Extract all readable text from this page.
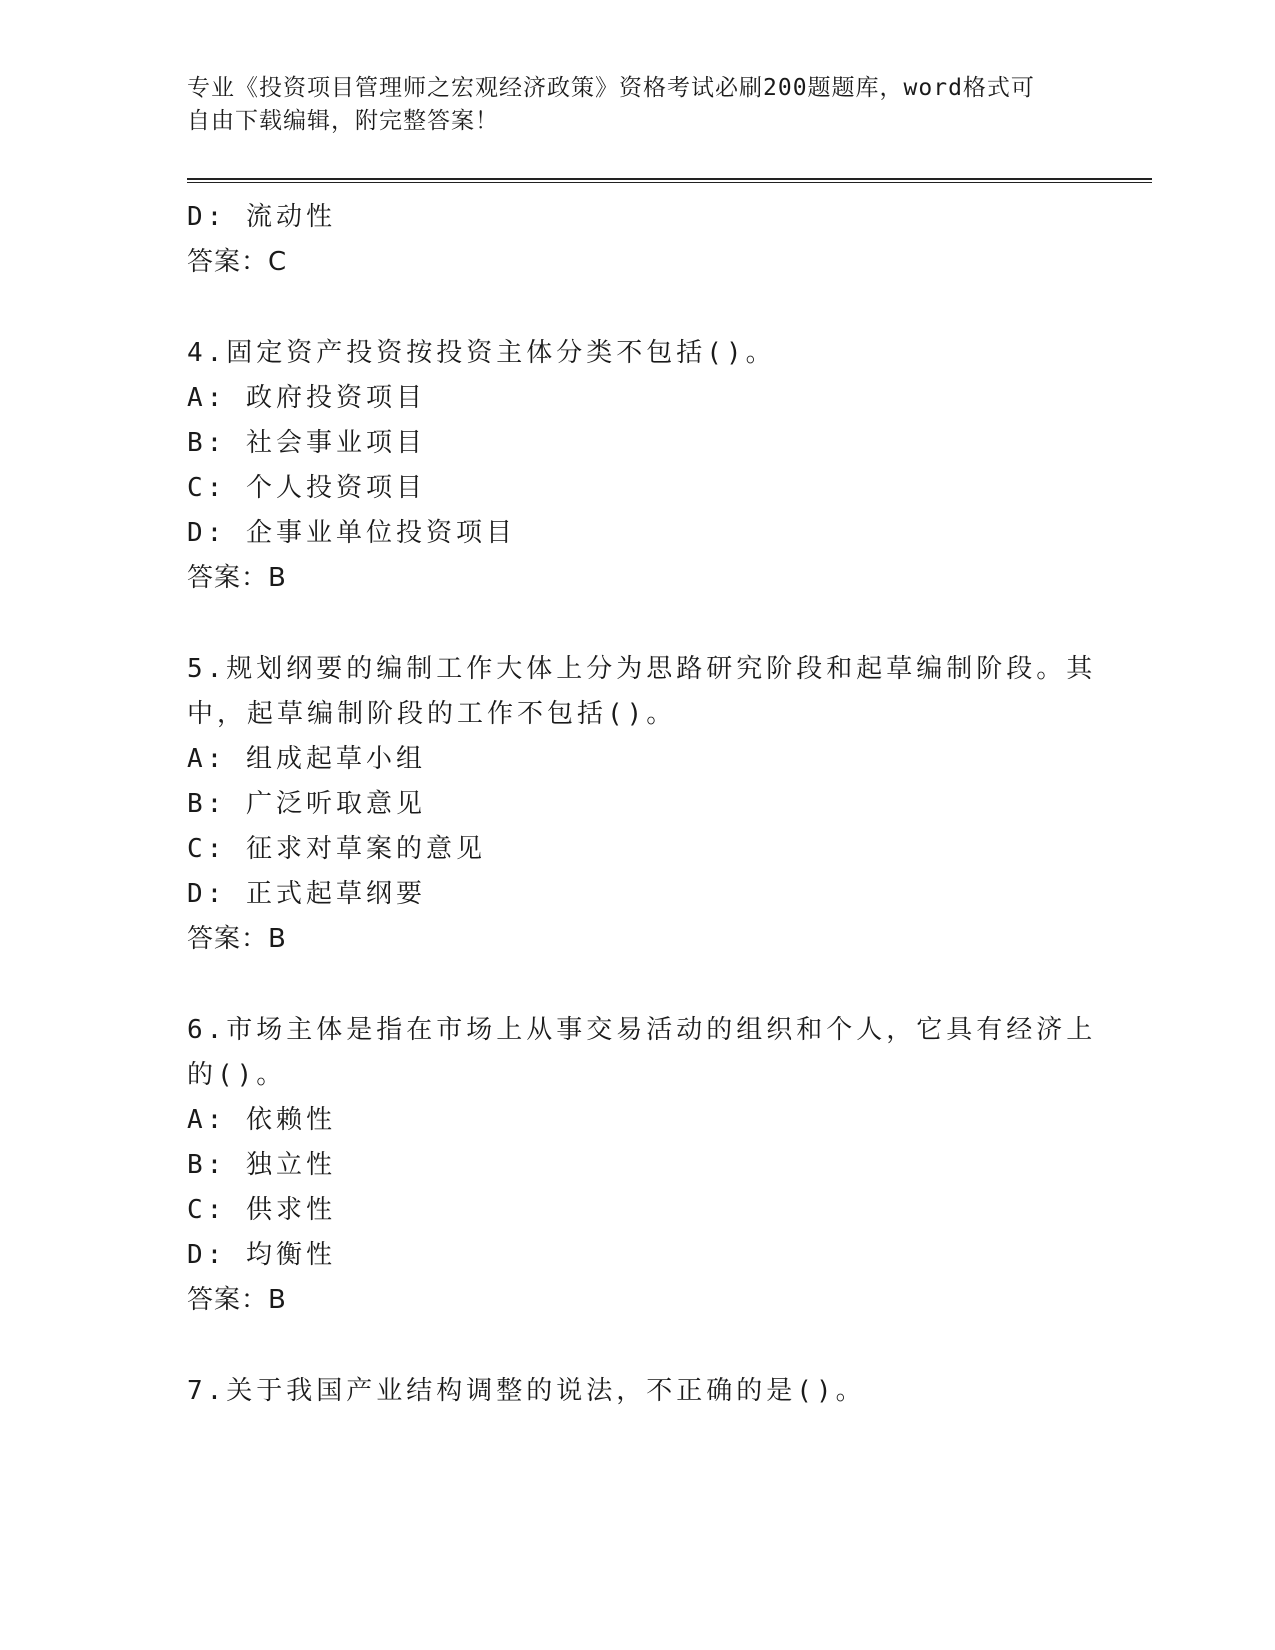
专业《投资项目管理师之宏观经济政策》资格考试必刷200题题库，word格式可
自由下载编辑，附完整答案！
D: 流动性
答案：C
4.固定资产投资按投资主体分类不包括()。
A: 政府投资项目
B: 社会事业项目
C: 个人投资项目
D: 企事业单位投资项目
答案：B
5.规划纲要的编制工作大体上分为思路研究阶段和起草编制阶段。其
中，起草编制阶段的工作不包括()。
A: 组成起草小组
B: 广泛听取意见
C: 征求对草案的意见
D: 正式起草纲要
答案：B
6.市场主体是指在市场上从事交易活动的组织和个人，它具有经济上
的()。
A: 依赖性
B: 独立性
C: 供求性
D: 均衡性
答案：B
7.关于我国产业结构调整的说法，不正确的是()。
